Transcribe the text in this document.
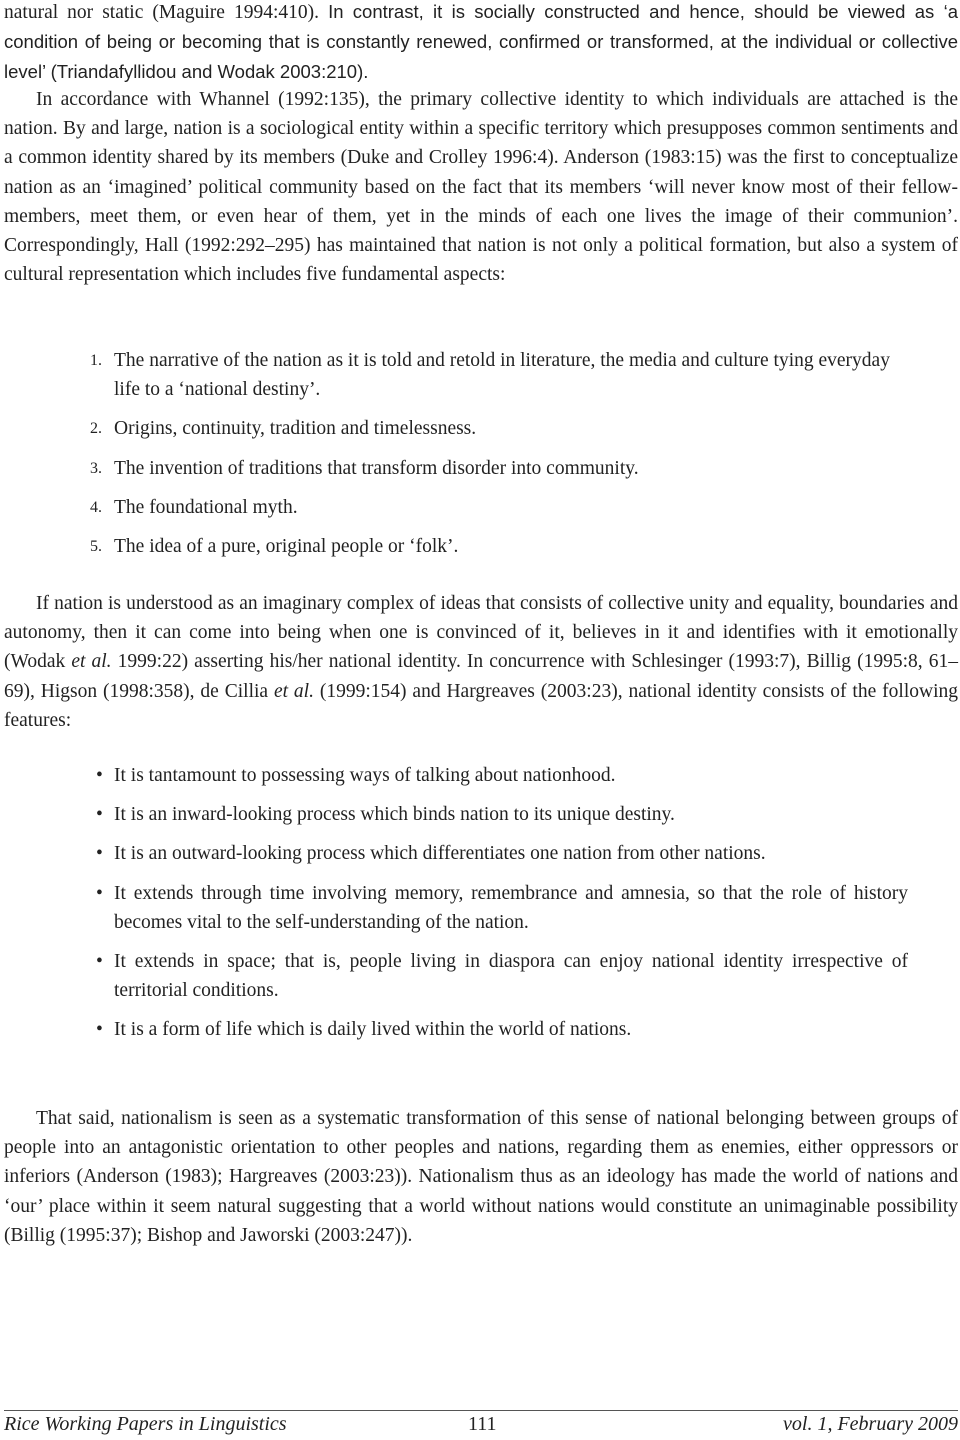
natural nor static (Maguire 1994:410). In contrast, it is socially constructed and hence, should be viewed as ‘a condition of being or becoming that is constantly renewed, confirmed or transformed, at the individual or collective level’ (Triandafyllidou and Wodak 2003:210).

In accordance with Whannel (1992:135), the primary collective identity to which individuals are attached is the nation. By and large, nation is a sociological entity within a specific territory which presupposes common sentiments and a common identity shared by its members (Duke and Crolley 1996:4). Anderson (1983:15) was the first to conceptualize nation as an ‘imagined’ political community based on the fact that its members ‘will never know most of their fellow-members, meet them, or even hear of them, yet in the minds of each one lives the image of their communion’. Correspondingly, Hall (1992:292–295) has maintained that nation is not only a political formation, but also a system of cultural representation which includes five fundamental aspects:

1. The narrative of the nation as it is told and retold in literature, the media and culture tying everyday life to a ‘national destiny’.
2. Origins, continuity, tradition and timelessness.
3. The invention of traditions that transform disorder into community.
4. The foundational myth.
5. The idea of a pure, original people or ‘folk’.

If nation is understood as an imaginary complex of ideas that consists of collective unity and equality, boundaries and autonomy, then it can come into being when one is convinced of it, believes in it and identifies with it emotionally (Wodak et al. 1999:22) asserting his/her national identity. In concurrence with Schlesinger (1993:7), Billig (1995:8, 61–69), Higson (1998:358), de Cillia et al. (1999:154) and Hargreaves (2003:23), national identity consists of the following features:

• It is tantamount to possessing ways of talking about nationhood.
• It is an inward-looking process which binds nation to its unique destiny.
• It is an outward-looking process which differentiates one nation from other nations.
• It extends through time involving memory, remembrance and amnesia, so that the role of history becomes vital to the self-understanding of the nation.
• It extends in space; that is, people living in diaspora can enjoy national identity irrespective of territorial conditions.
• It is a form of life which is daily lived within the world of nations.

That said, nationalism is seen as a systematic transformation of this sense of national belonging between groups of people into an antagonistic orientation to other peoples and nations, regarding them as enemies, either oppressors or inferiors (Anderson (1983); Hargreaves (2003:23)). Nationalism thus as an ideology has made the world of nations and ‘our’ place within it seem natural suggesting that a world without nations would constitute an unimaginable possibility (Billig (1995:37); Bishop and Jaworski (2003:247)).

Rice Working Papers in Linguistics	111	vol. 1, February 2009
